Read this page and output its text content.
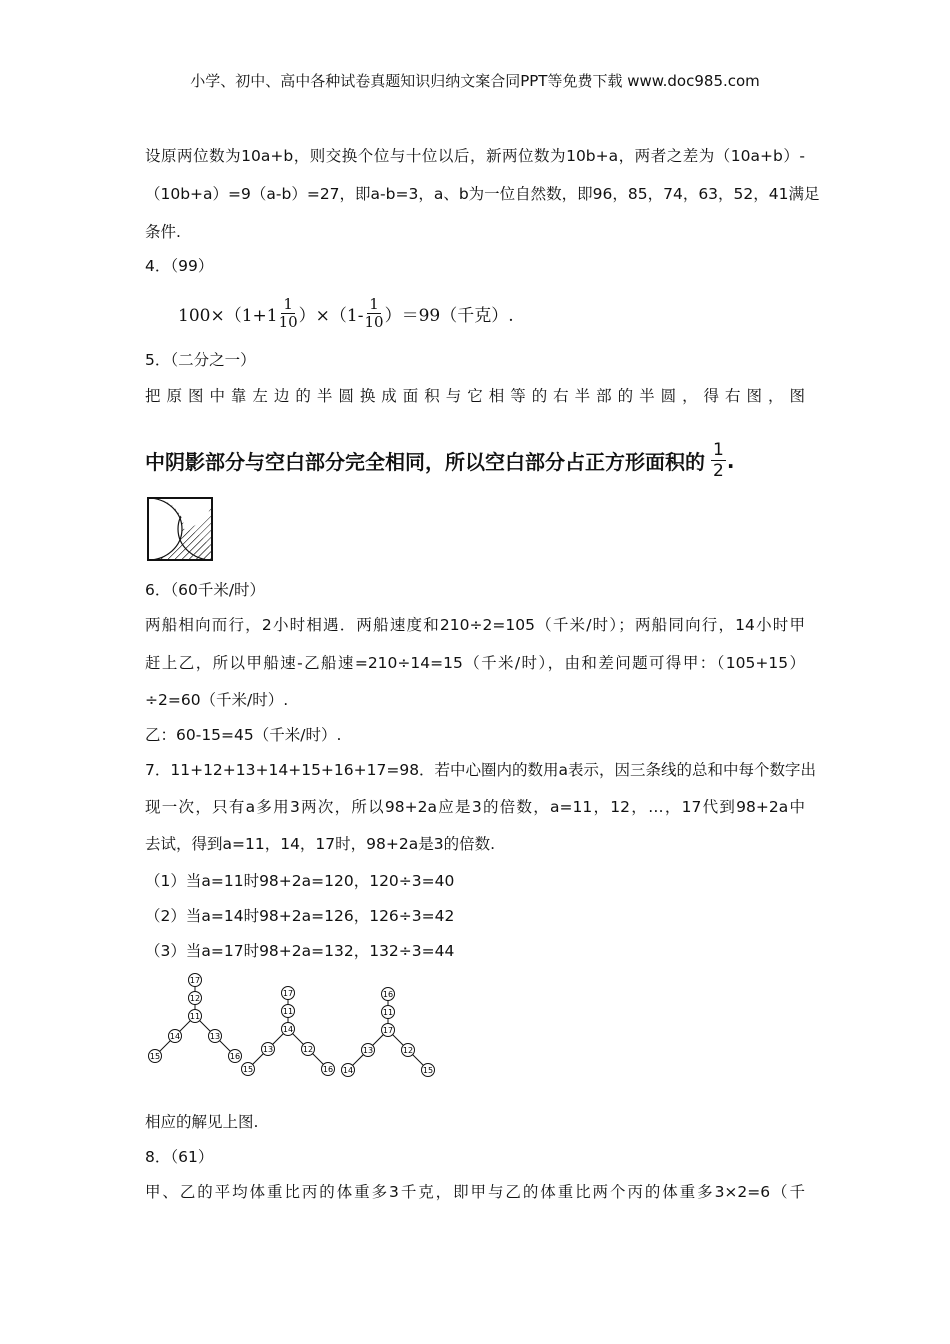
小学、初中、高中各种试卷真题知识归纳文案合同PPT等免费下载 www.doc985.com
设原两位数为10a+b，则交换个位与十位以后，新两位数为10b+a，两者之差为（10a+b）-
（10b+a）=9（a-b）=27，即a-b=3，a、b为一位自然数，即96，85，74，63，52，41满足
条件.
4．（99）
$100\times(1+1 \frac{1}{10} )\times(1- \frac{1}{10} )=99$（千克）.
5．（二分之一）
把原图中靠左边的半圆换成面积与它相等的右半部的半圆，得右图，图
中阴影部分与空白部分完全相同，所以空白部分占正方形面积的 $\frac{1}{2}$ .
6．（60千米/时）
两船相向而行，2小时相遇．两船速度和210÷2=105（千米/时）；两船同向行，14小时甲
赶上乙，所以甲船速-乙船速=210÷14=15（千米/时），由和差问题可得甲：（105+15）
÷2=60（千米/时）.
乙：60-15=45（千米/时）.
7．11+12+13+14+15+16+17=98．若中心圈内的数用a表示，因三条线的总和中每个数字出
现一次，只有a多用3两次，所以98+2a应是3的倍数，a=11，12，…，17代到98+2a中
去试，得到a=11，14，17时，98+2a是3的倍数.
（1）当a=11时98+2a=120，120÷3=40
（2）当a=14时98+2a=126，126÷3=42
（3）当a=17时98+2a=132，132÷3=44
11
17
12
14
15
13
16
14
17
11
13
15
12
16
17
16
11
13
14
12
15
相应的解见上图.
8．（61）
甲、乙的平均体重比丙的体重多3千克，即甲与乙的体重比两个丙的体重多3×2=6（千
